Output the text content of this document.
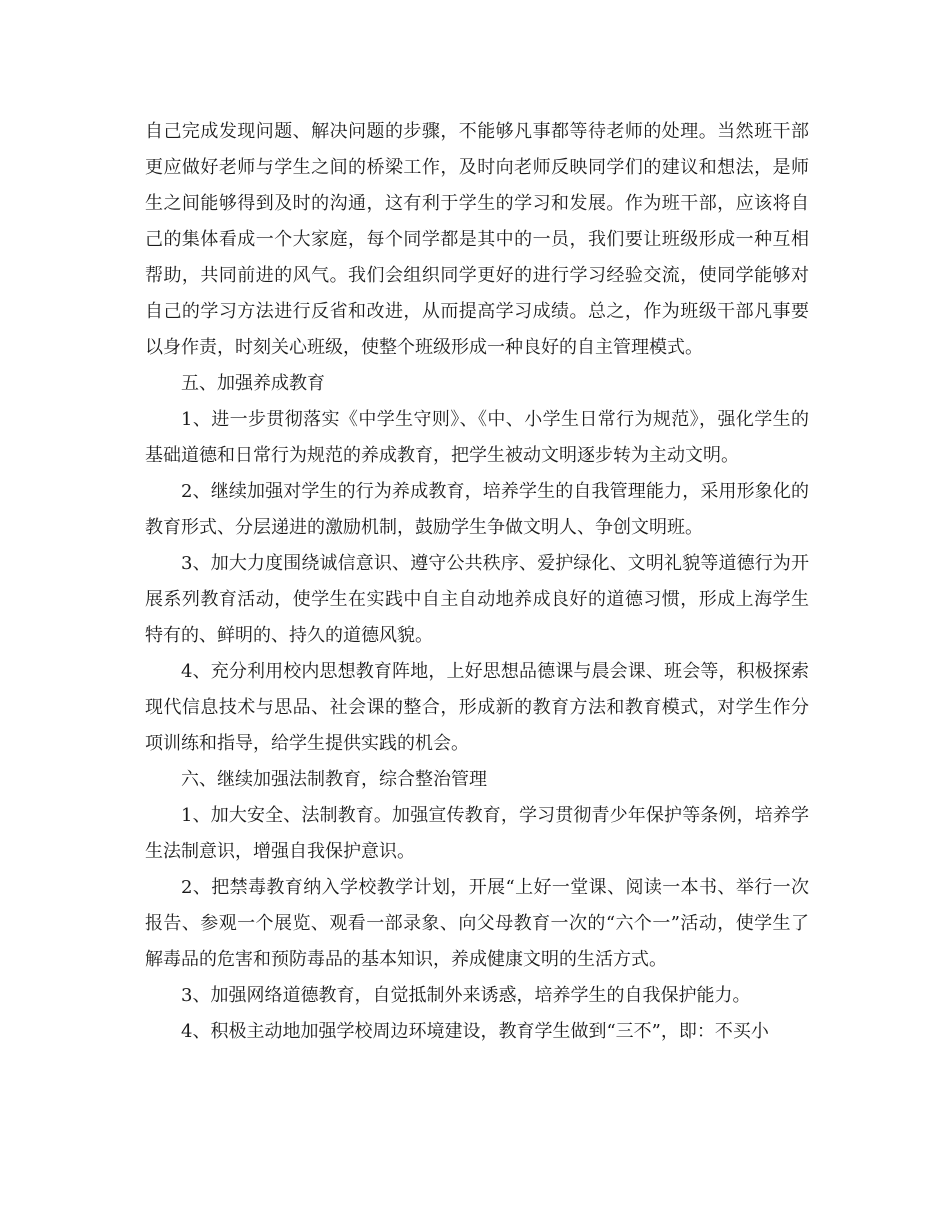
自己完成发现问题、解决问题的步骤，不能够凡事都等待老师的处理。当然班干部更应做好老师与学生之间的桥梁工作，及时向老师反映同学们的建议和想法，是师生之间能够得到及时的沟通，这有利于学生的学习和发展。作为班干部，应该将自己的集体看成一个大家庭，每个同学都是其中的一员，我们要让班级形成一种互相帮助，共同前进的风气。我们会组织同学更好的进行学习经验交流，使同学能够对自己的学习方法进行反省和改进，从而提高学习成绩。总之，作为班级干部凡事要以身作责，时刻关心班级，使整个班级形成一种良好的自主管理模式。

五、加强养成教育

1、进一步贯彻落实《中学生守则》、《中、小学生日常行为规范》，强化学生的基础道德和日常行为规范的养成教育，把学生被动文明逐步转为主动文明。

2、继续加强对学生的行为养成教育，培养学生的自我管理能力，采用形象化的教育形式、分层递进的激励机制，鼓励学生争做文明人、争创文明班。

3、加大力度围绕诚信意识、遵守公共秩序、爱护绿化、文明礼貌等道德行为开展系列教育活动，使学生在实践中自主自动地养成良好的道德习惯，形成上海学生特有的、鲜明的、持久的道德风貌。

4、充分利用校内思想教育阵地，上好思想品德课与晨会课、班会等，积极探索现代信息技术与思品、社会课的整合，形成新的教育方法和教育模式，对学生作分项训练和指导，给学生提供实践的机会。

六、继续加强法制教育，综合整治管理

1、加大安全、法制教育。加强宣传教育，学习贯彻青少年保护等条例，培养学生法制意识，增强自我保护意识。

2、把禁毒教育纳入学校教学计划，开展“上好一堂课、阅读一本书、举行一次报告、参观一个展览、观看一部录象、向父母教育一次的“六个一”活动，使学生了解毒品的危害和预防毒品的基本知识，养成健康文明的生活方式。

3、加强网络道德教育，自觉抵制外来诱惑，培养学生的自我保护能力。

4、积极主动地加强学校周边环境建设，教育学生做到“三不”，即：不买小
